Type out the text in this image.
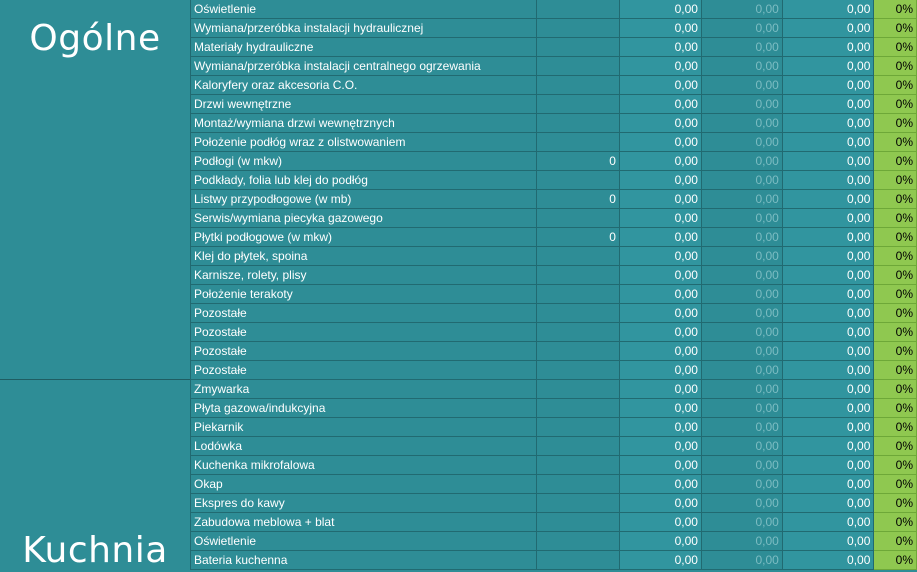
Ogólne
Kuchnia
Oświetlenie		0,00	0,00	0,00	0%
Wymiana/przeróbka instalacji hydraulicznej		0,00	0,00	0,00	0%
Materiały hydrauliczne		0,00	0,00	0,00	0%
Wymiana/przeróbka instalacji centralnego ogrzewania		0,00	0,00	0,00	0%
Kaloryfery oraz akcesoria C.O.		0,00	0,00	0,00	0%
Drzwi wewnętrzne		0,00	0,00	0,00	0%
Montaż/wymiana drzwi wewnętrznych		0,00	0,00	0,00	0%
Położenie podłóg wraz z olistwowaniem		0,00	0,00	0,00	0%
Podłogi (w mkw)	0	0,00	0,00	0,00	0%
Podkłady, folia lub klej do podłóg		0,00	0,00	0,00	0%
Listwy przypodłogowe (w mb)	0	0,00	0,00	0,00	0%
Serwis/wymiana piecyka gazowego		0,00	0,00	0,00	0%
Płytki podłogowe (w mkw)	0	0,00	0,00	0,00	0%
Klej do płytek, spoina		0,00	0,00	0,00	0%
Karnisze, rolety, plisy		0,00	0,00	0,00	0%
Położenie terakoty		0,00	0,00	0,00	0%
Pozostałe		0,00	0,00	0,00	0%
Pozostałe		0,00	0,00	0,00	0%
Pozostałe		0,00	0,00	0,00	0%
Pozostałe		0,00	0,00	0,00	0%
Zmywarka		0,00	0,00	0,00	0%
Płyta gazowa/indukcyjna		0,00	0,00	0,00	0%
Piekarnik		0,00	0,00	0,00	0%
Lodówka		0,00	0,00	0,00	0%
Kuchenka mikrofalowa		0,00	0,00	0,00	0%
Okap		0,00	0,00	0,00	0%
Ekspres do kawy		0,00	0,00	0,00	0%
Zabudowa meblowa + blat		0,00	0,00	0,00	0%
Oświetlenie		0,00	0,00	0,00	0%
Bateria kuchenna		0,00	0,00	0,00	0%
